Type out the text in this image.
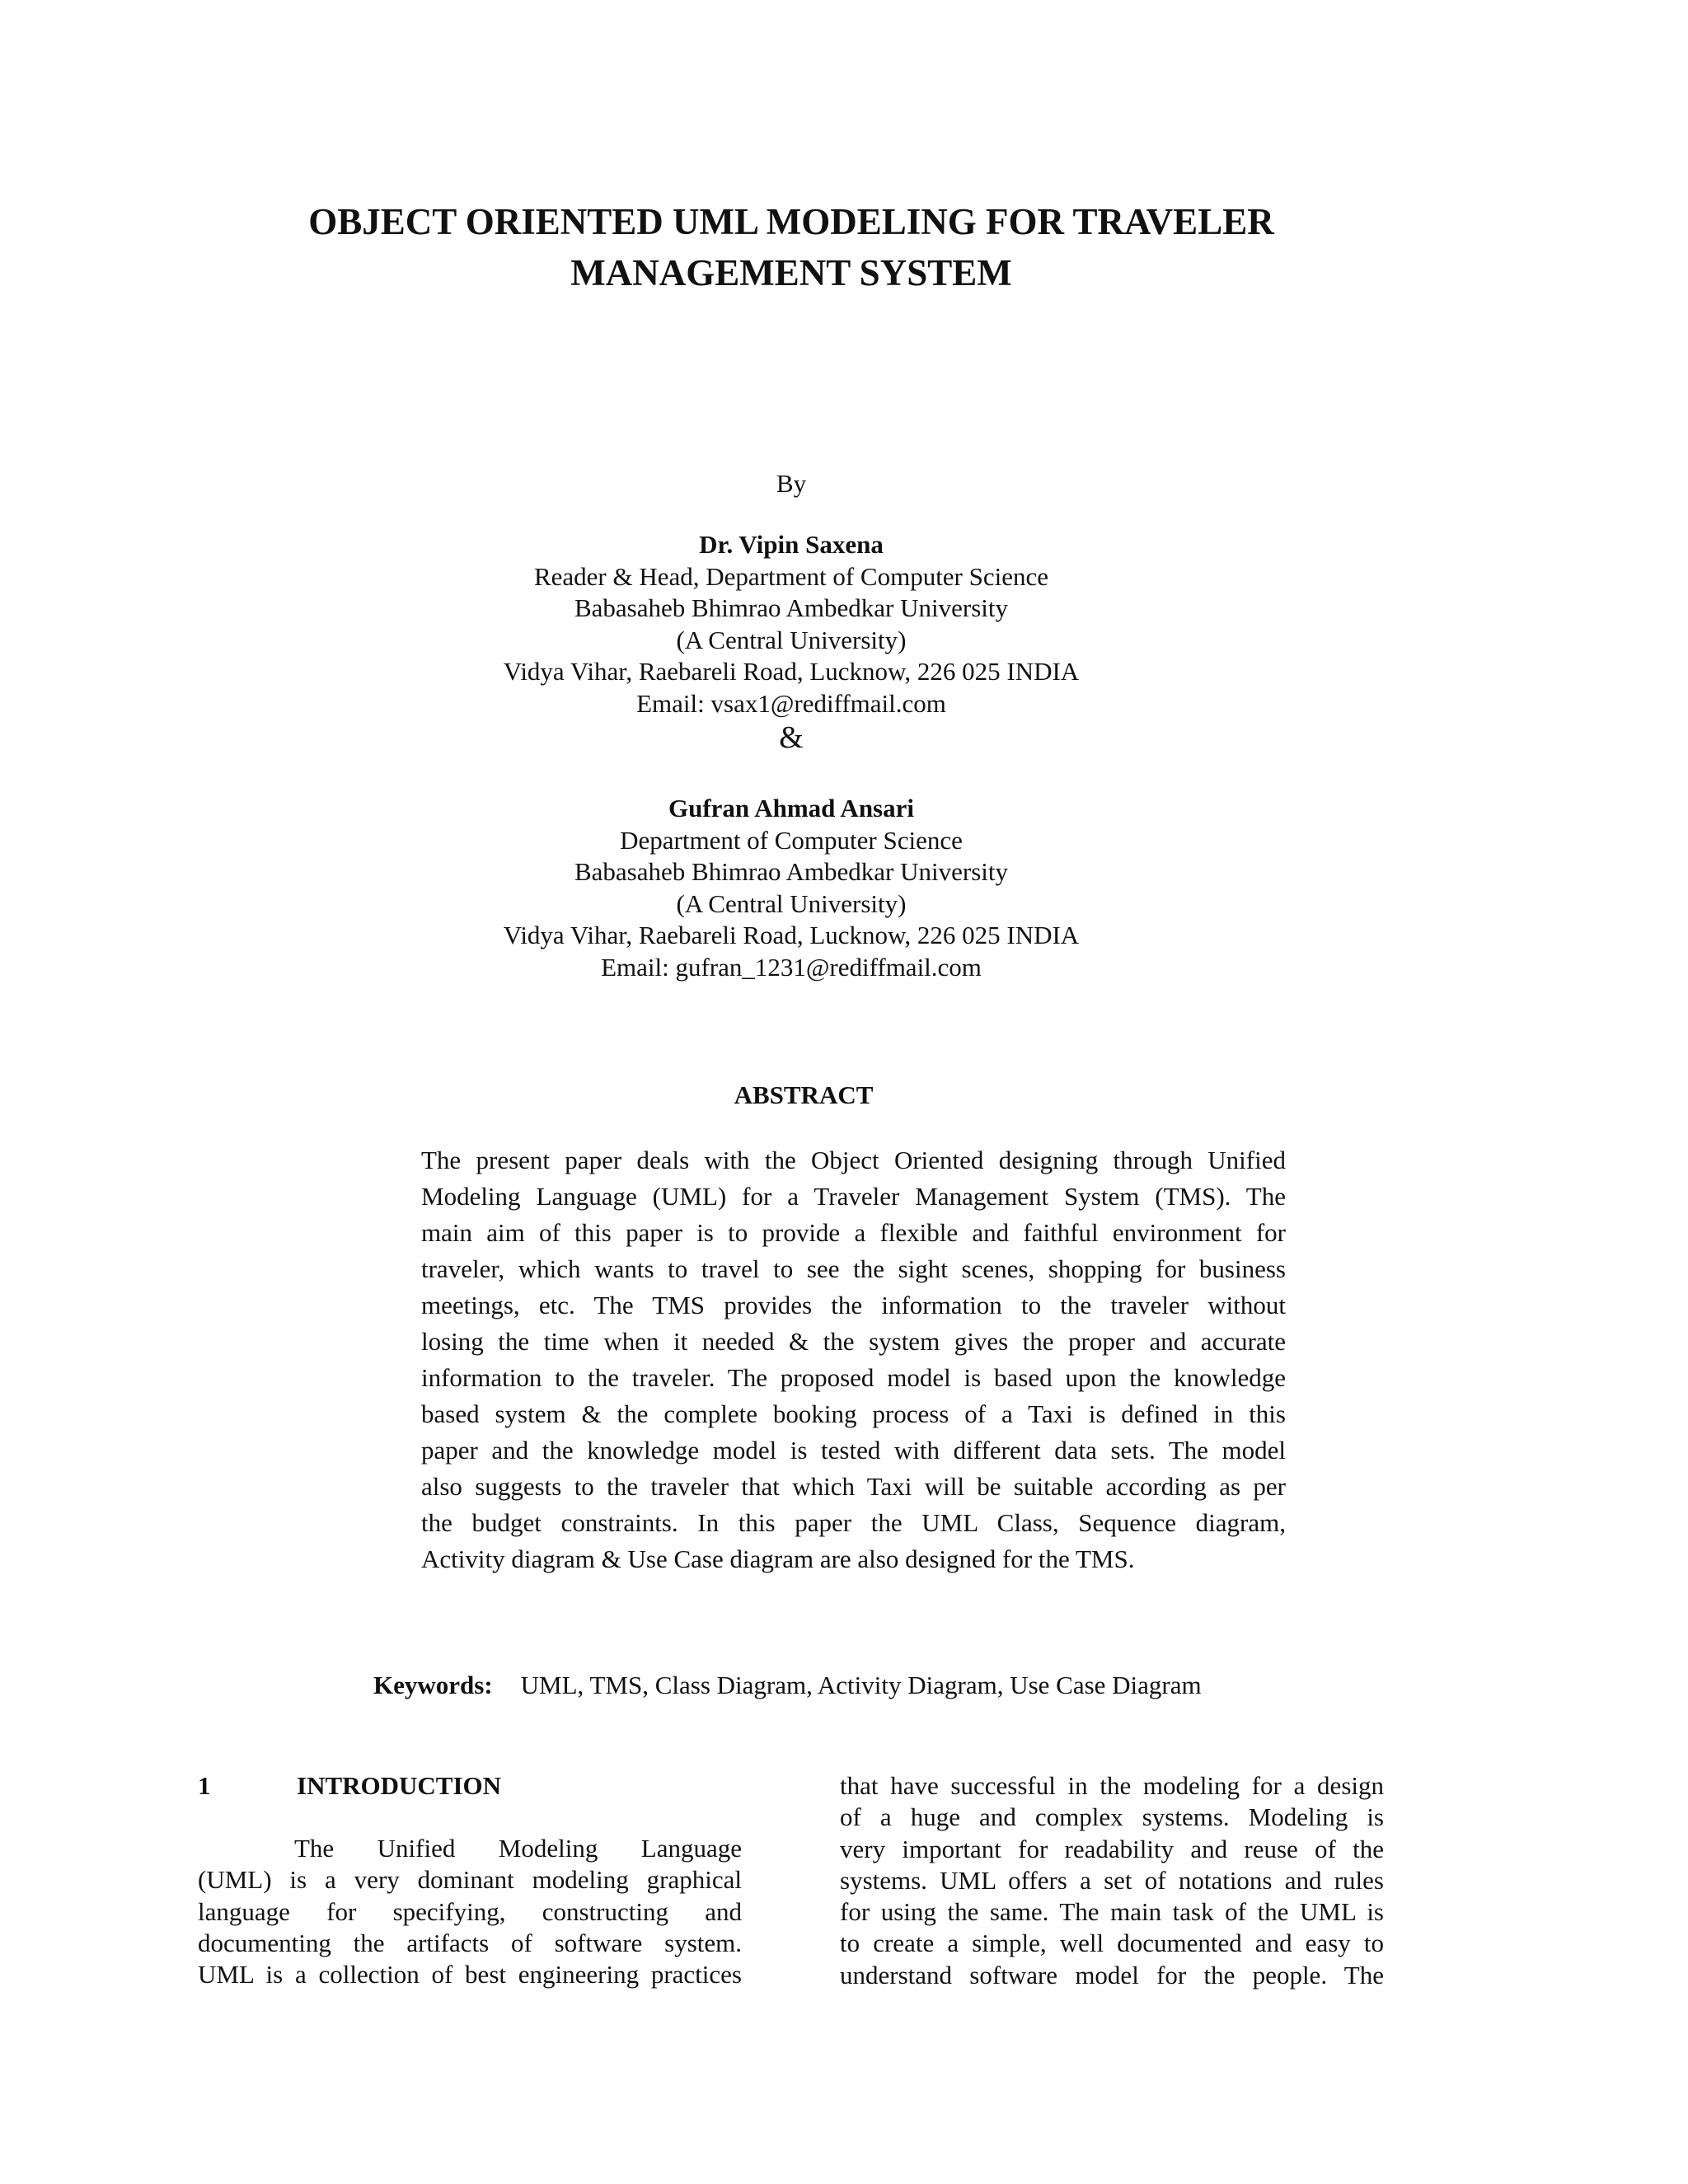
OBJECT ORIENTED UML MODELING FOR TRAVELER
MANAGEMENT SYSTEM
By
Dr. Vipin Saxena
Reader & Head, Department of Computer Science
Babasaheb Bhimrao Ambedkar University
(A Central University)
Vidya Vihar, Raebareli Road, Lucknow, 226 025 INDIA
Email: vsax1@rediffmail.com
&
Gufran Ahmad Ansari
Department of Computer Science
Babasaheb Bhimrao Ambedkar University
(A Central University)
Vidya Vihar, Raebareli Road, Lucknow, 226 025 INDIA
Email: gufran_1231@rediffmail.com
ABSTRACT
The present paper deals with the Object Oriented designing through Unified
Modeling Language (UML) for a Traveler Management System (TMS). The
main aim of this paper is to provide a flexible and faithful environment for
traveler, which wants to travel to see the sight scenes, shopping for business
meetings, etc. The TMS provides the information to the traveler without
losing the time when it needed & the system gives the proper and accurate
information to the traveler. The proposed model is based upon the knowledge
based system & the complete booking process of a Taxi is defined in this
paper and the knowledge model is tested with different data sets. The model
also suggests to the traveler that which Taxi will be suitable according as per
the budget constraints. In this paper the UML Class, Sequence diagram,
Activity diagram & Use Case diagram are also designed for the TMS.
Keywords: UML, TMS, Class Diagram, Activity Diagram, Use Case Diagram
1	INTRODUCTION
The Unified Modeling Language
(UML) is a very dominant modeling graphical
language for specifying, constructing and
documenting the artifacts of software system.
UML is a collection of best engineering practices
that have successful in the modeling for a design
of a huge and complex systems. Modeling is
very important for readability and reuse of the
systems. UML offers a set of notations and rules
for using the same. The main task of the UML is
to create a simple, well documented and easy to
understand software model for the people. The
